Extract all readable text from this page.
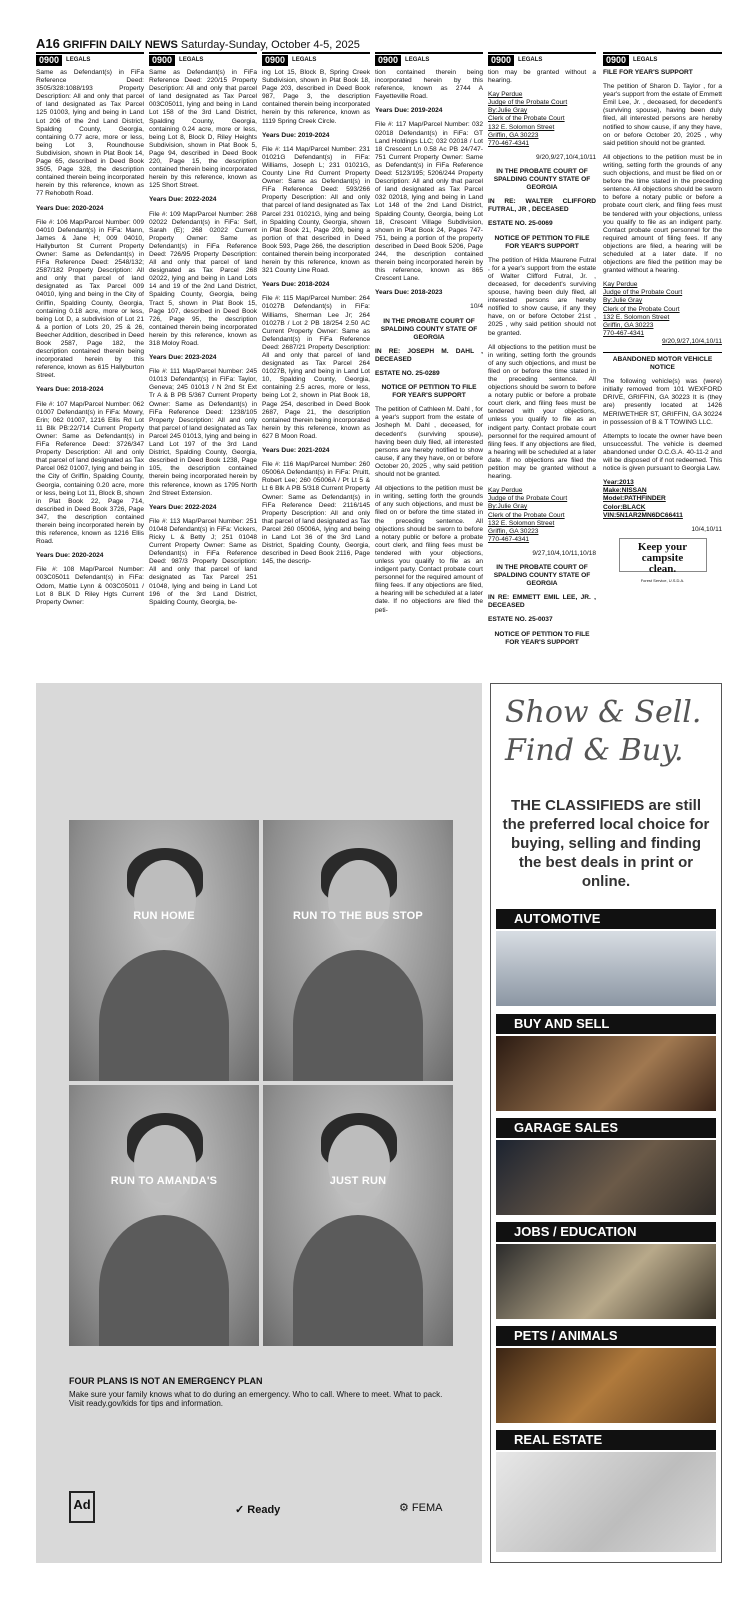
A16 GRIFFIN DAILY NEWS Saturday-Sunday, October 4-5, 2025
0900	LEGALS
Same as Defendant(s) in FiFa Reference Deed: 3505/328:1088/193 Property Description: All and only that parcel of land designated as Tax Parcel 125 01003, lying and being in Land Lot 206 of the 2nd Land District, Spalding County, Georgia, containing 0.77 acre, more or less, being Lot 3, Roundhouse Subdivision, shown in Plat Book 14, Page 65, described in Deed Book 3505, Page 328, the description contained therein being incorporated herein by this reference, known as 77 Rehoboth Road.
Years Due: 2020-2024
File #: 106 Map/Parcel Number: 009 04010 Defendant(s) in FiFa: Mann, James & Jane H; 009 04010, Hallyburton St Current Property Owner: Same as Defendant(s) in FiFa Reference Deed: 2548/132; 2587/182 Property Description: All and only that parcel of land designated as Tax Parcel 009 04010, lying and being in the City of Griffin, Spalding County, Georgia, containing 0.18 acre, more or less, being Lot D, a subdivision of Lot 21 & a portion of Lots 20, 25 & 26, Beecher Addition, described in Deed Book 2587, Page 182, the description contained therein being incorporated herein by this reference, known as 615 Hallyburton Street.
Years Due: 2018-2024
File #: 107 Map/Parcel Number: 062 01007 Defendant(s) in FiFa: Mowry, Erin; 062 01007, 1216 Ellis Rd Lot 11 Blk PB:22/714 Current Property Owner: Same as Defendant(s) in FiFa Reference Deed: 3726/347 Property Description: All and only that parcel of land designated as Tax Parcel 062 01007, lying and being in the City of Griffin, Spalding County, Georgia, containing 0.20 acre, more or less, being Lot 11, Block B, shown in Plat Book 22, Page 714, described in Deed Book 3726, Page 347, the description contained therein being incorporated herein by this reference, known as 1216 Ellis Road.
Years Due: 2020-2024
File #: 108 Map/Parcel Number: 003C05011 Defendant(s) in FiFa: Odom, Mattie Lynn & 003C05011 / Lot 8 BLK D Riley Hgts Current Property Owner:
0900	LEGALS
Same as Defendant(s) in FiFa Reference Deed: 220/15 Property Description: All and only that parcel of land designated as Tax Parcel 003C05011, lying and being in Land Lot 158 of the 3rd Land District, Spalding County, Georgia, containing 0.24 acre, more or less, being Lot 8, Block D, Riley Heights Subdivision, shown in Plat Book 5, Page 94, described in Deed Book 220, Page 15, the description contained therein being incorporated herein by this reference, known as 125 Short Street.
Years Due: 2022-2024
File #: 109 Map/Parcel Number: 268 02022 Defendant(s) in FiFa: Self, Sarah (E); 268 02022 Current Property Owner: Same as Defendant(s) in FiFa Reference Deed: 726/95 Property Description: All and only that parcel of land designated as Tax Parcel 268 02022, lying and being in Land Lots 14 and 19 of the 2nd Land District, Spalding County, Georgia, being Tract 5, shown in Plat Book 15, Page 107, described in Deed Book 726, Page 95, the description contained therein being incorporated herein by this reference, known as 318 Moloy Road.
Years Due: 2023-2024
File #: 111 Map/Parcel Number: 245 01013 Defendant(s) in FiFa: Taylor, Geneva; 245 01013 / N 2nd St Ext Tr A & B PB 5/367 Current Property Owner: Same as Defendant(s) in FiFa Reference Deed: 1238/105 Property Description: All and only that parcel of land designated as Tax Parcel 245 01013, lying and being in Land Lot 197 of the 3rd Land District, Spalding County, Georgia, described in Deed Book 1238, Page 105, the description contained therein being incorporated herein by this reference, known as 1795 North 2nd Street Extension.
Years Due: 2022-2024
File #: 113 Map/Parcel Number: 251 01048 Defendant(s) in FiFa: Vickers, Ricky L & Betty J; 251 01048 Current Property Owner: Same as Defendant(s) in FiFa Reference Deed: 987/3 Property Description: All and only that parcel of land designated as Tax Parcel 251 01048, lying and being in Land Lot 196 of the 3rd Land District, Spalding County, Georgia, be-
0900	LEGALS
ing Lot 15, Block B, Spring Creek Subdivision, shown in Plat Book 18, Page 203, described in Deed Book 987, Page 3, the description contained therein being incorporated herein by this reference, known as 1119 Spring Creek Circle.
Years Due: 2019-2024
File #: 114 Map/Parcel Number: 231 01021G Defendant(s) in FiFa: Williams, Joseph L; 231 01021G, County Line Rd Current Property Owner: Same as Defendant(s) in FiFa Reference Deed: 593/266 Property Description: All and only that parcel of land designated as Tax Parcel 231 01021G, lying and being in Spalding County, Georgia, shown in Plat Book 21, Page 209, being a portion of that described in Deed Book 593, Page 266, the description contained therein being incorporated herein by this reference, known as 321 County Line Road.
Years Due: 2018-2024
File #: 115 Map/Parcel Number: 264 01027B Defendant(s) in FiFa: Williams, Sherman Lee Jr; 264 01027B / Lot 2 PB 18/254 2.50 AC Current Property Owner: Same as Defendant(s) in FiFa Reference Deed: 2687/21 Property Description: All and only that parcel of land designated as Tax Parcel 264 01027B, lying and being in Land Lot 10, Spalding County, Georgia, containing 2.5 acres, more or less, being Lot 2, shown in Plat Book 18, Page 254, described in Deed Book 2687, Page 21, the description contained therein being incorporated herein by this reference, known as 627 B Moon Road.
Years Due: 2021-2024
File #: 116 Map/Parcel Number: 260 05006A Defendant(s) in FiFa: Pruitt, Robert Lee; 260 05006A / Pt Lt 5 & Lt 6 Blk A PB 5/318 Current Property Owner: Same as Defendant(s) in FiFa Reference Deed: 2116/145 Property Description: All and only that parcel of land designated as Tax Parcel 260 05006A, lying and being in Land Lot 36 of the 3rd Land District, Spalding County, Georgia, described in Deed Book 2116, Page 145, the descrip-
0900	LEGALS
tion contained therein being incorporated herein by this reference, known as 2744 A Fayetteville Road.
Years Due: 2019-2024
File #: 117 Map/Parcel Number: 032 02018 Defendant(s) in FiFa: GT Land Holdings LLC; 032 02018 / Lot 18 Crescent Ln 0.58 Ac PB 24/747-751 Current Property Owner: Same as Defendant(s) in FiFa Reference Deed: 5123/195; 5206/244 Property Description: All and only that parcel of land designated as Tax Parcel 032 02018, lying and being in Land Lot 148 of the 2nd Land District, Spalding County, Georgia, being Lot 18, Crescent Village Subdivision, shown in Plat Book 24, Pages 747-751, being a portion of the property described in Deed Book 5206, Page 244, the description contained therein being incorporated herein by this reference, known as 865 Crescent Lane.
Years Due: 2018-2023
10/4
IN THE PROBATE COURT OF SPALDING COUNTY STATE OF GEORGIA
IN RE: JOSEPH M. DAHL , DECEASED
ESTATE NO. 25-0289
NOTICE OF PETITION TO FILE FOR YEAR'S SUPPORT
The petition of Cathleen M. Dahl , for a year's support from the estate of Josheph M. Dahl , deceased, for decedent's (surviving spouse), having been duly filed, all interested persons are hereby notified to show cause, if any they have, on or before October 20, 2025 , why said petition should not be granted.
All objections to the petition must be in writing, setting forth the grounds of any such objections, and must be filed on or before the time stated in the preceding sentence. All objections should be sworn to before a notary public or before a probate court clerk, and filing fees must be tendered with your objections, unless you qualify to file as an indigent party. Contact probate court personnel for the required amount of filing fees. If any objections are filed, a hearing will be scheduled at a later date. If no objections are filed the peti-
0900	LEGALS
tion may be granted without a hearing.
Kay Perdue
Judge of the Probate Court
By:Julie Gray
Clerk of the Probate Court
132 E. Solomon Street
Griffin, GA 30223
770-467-4341
9/20,9/27,10/4,10/11
IN THE PROBATE COURT OF SPALDING COUNTY STATE OF GEORGIA
IN RE: WALTER CLIFFORD FUTRAL, JR , DECEASED
ESTATE NO. 25-0069
NOTICE OF PETITION TO FILE FOR YEAR'S SUPPORT
The petition of Hilda Maurene Futral , for a year's support from the estate of Walter Clifford Futral, Jr. , deceased, for decedent's surviving spouse, having been duly filed, all interested persons are hereby notified to show cause, if any they have, on or before October 21st , 2025 , why said petition should not be granted.
All objections to the petition must be in writing, setting forth the grounds of any such objections, and must be filed on or before the time stated in the preceding sentence. All objections should be sworn to before a notary public or before a probate court clerk, and filing fees must be tendered with your objections, unless you qualify to file as an indigent party. Contact probate court personnel for the required amount of filing fees. If any objections are filed, a hearing will be scheduled at a later date. If no objections are filed the petition may be granted without a hearing.
Kay Perdue
Judge of the Probate Court
By:Julie Gray
Clerk of the Probate Court
132 E. Solomon Street
Griffin, GA 30223
770-467-4341
9/27,10/4,10/11,10/18
IN THE PROBATE COURT OF SPALDING COUNTY STATE OF GEORGIA
IN RE: EMMETT EMIL LEE, JR. , DECEASED
ESTATE NO. 25-0037
NOTICE OF PETITION TO FILE FOR YEAR'S SUPPORT
0900	LEGALS
FILE FOR YEAR'S SUPPORT
The petition of Sharon D. Taylor , for a year's support from the estate of Emmett Emil Lee, Jr. , deceased, for decedent's (surviving spouse), having been duly filed, all interested persons are hereby notified to show cause, if any they have, on or before October 20, 2025 , why said petition should not be granted.
All objections to the petition must be in writing, setting forth the grounds of any such objections, and must be filed on or before the time stated in the preceding sentence. All objections should be sworn to before a notary public or before a probate court clerk, and filing fees must be tendered with your objections, unless you qualify to file as an indigent party. Contact probate court personnel for the required amount of filing fees. If any objections are filed, a hearing will be scheduled at a later date. If no objections are filed the petition may be granted without a hearing.
Kay Perdue
Judge of the Probate Court
By:Julie Gray
Clerk of the Probate Court
132 E. Solomon Street
Griffin, GA 30223
770-467-4341
9/20,9/27,10/4,10/11
ABANDONED MOTOR VEHICLE NOTICE
The following vehicle(s) was (were) initially removed from 101 WEXFORD DRIVE, GRIFFIN, GA 30223 It is (they are) presently located at 1426 MERIWETHER ST, GRIFFIN, GA 30224 in possession of B & T TOWING LLC.
Attempts to locate the owner have been unsuccessful. The vehicle is deemed abandoned under O.C.G.A. 40-11-2 and will be disposed of if not redeemed. This notice is given pursuant to Georgia Law.
Year:2013
Make:NISSAN
Model:PATHFINDER
Color:BLACK
VIN:5N1AR2MN6DC66411
10/4,10/11
Keep your
campsite
clean.
Forest Service, U.S.D.A.
RUN HOME	RUN TO THE BUS STOP
RUN TO AMANDA'S	JUST RUN
FOUR PLANS IS NOT AN EMERGENCY PLAN
Make sure your family knows what to do during an emergency. Who to call. Where to meet. What to pack.
Visit ready.gov/kids for tips and information.
Ad	✓ Ready	⚙ FEMA
Show & Sell.
Find & Buy.
THE CLASSIFIEDS are still the preferred local choice for buying, selling and finding the best deals in print or online.
AUTOMOTIVE
BUY AND SELL
GARAGE SALES
JOBS / EDUCATION
PETS / ANIMALS
REAL ESTATE
